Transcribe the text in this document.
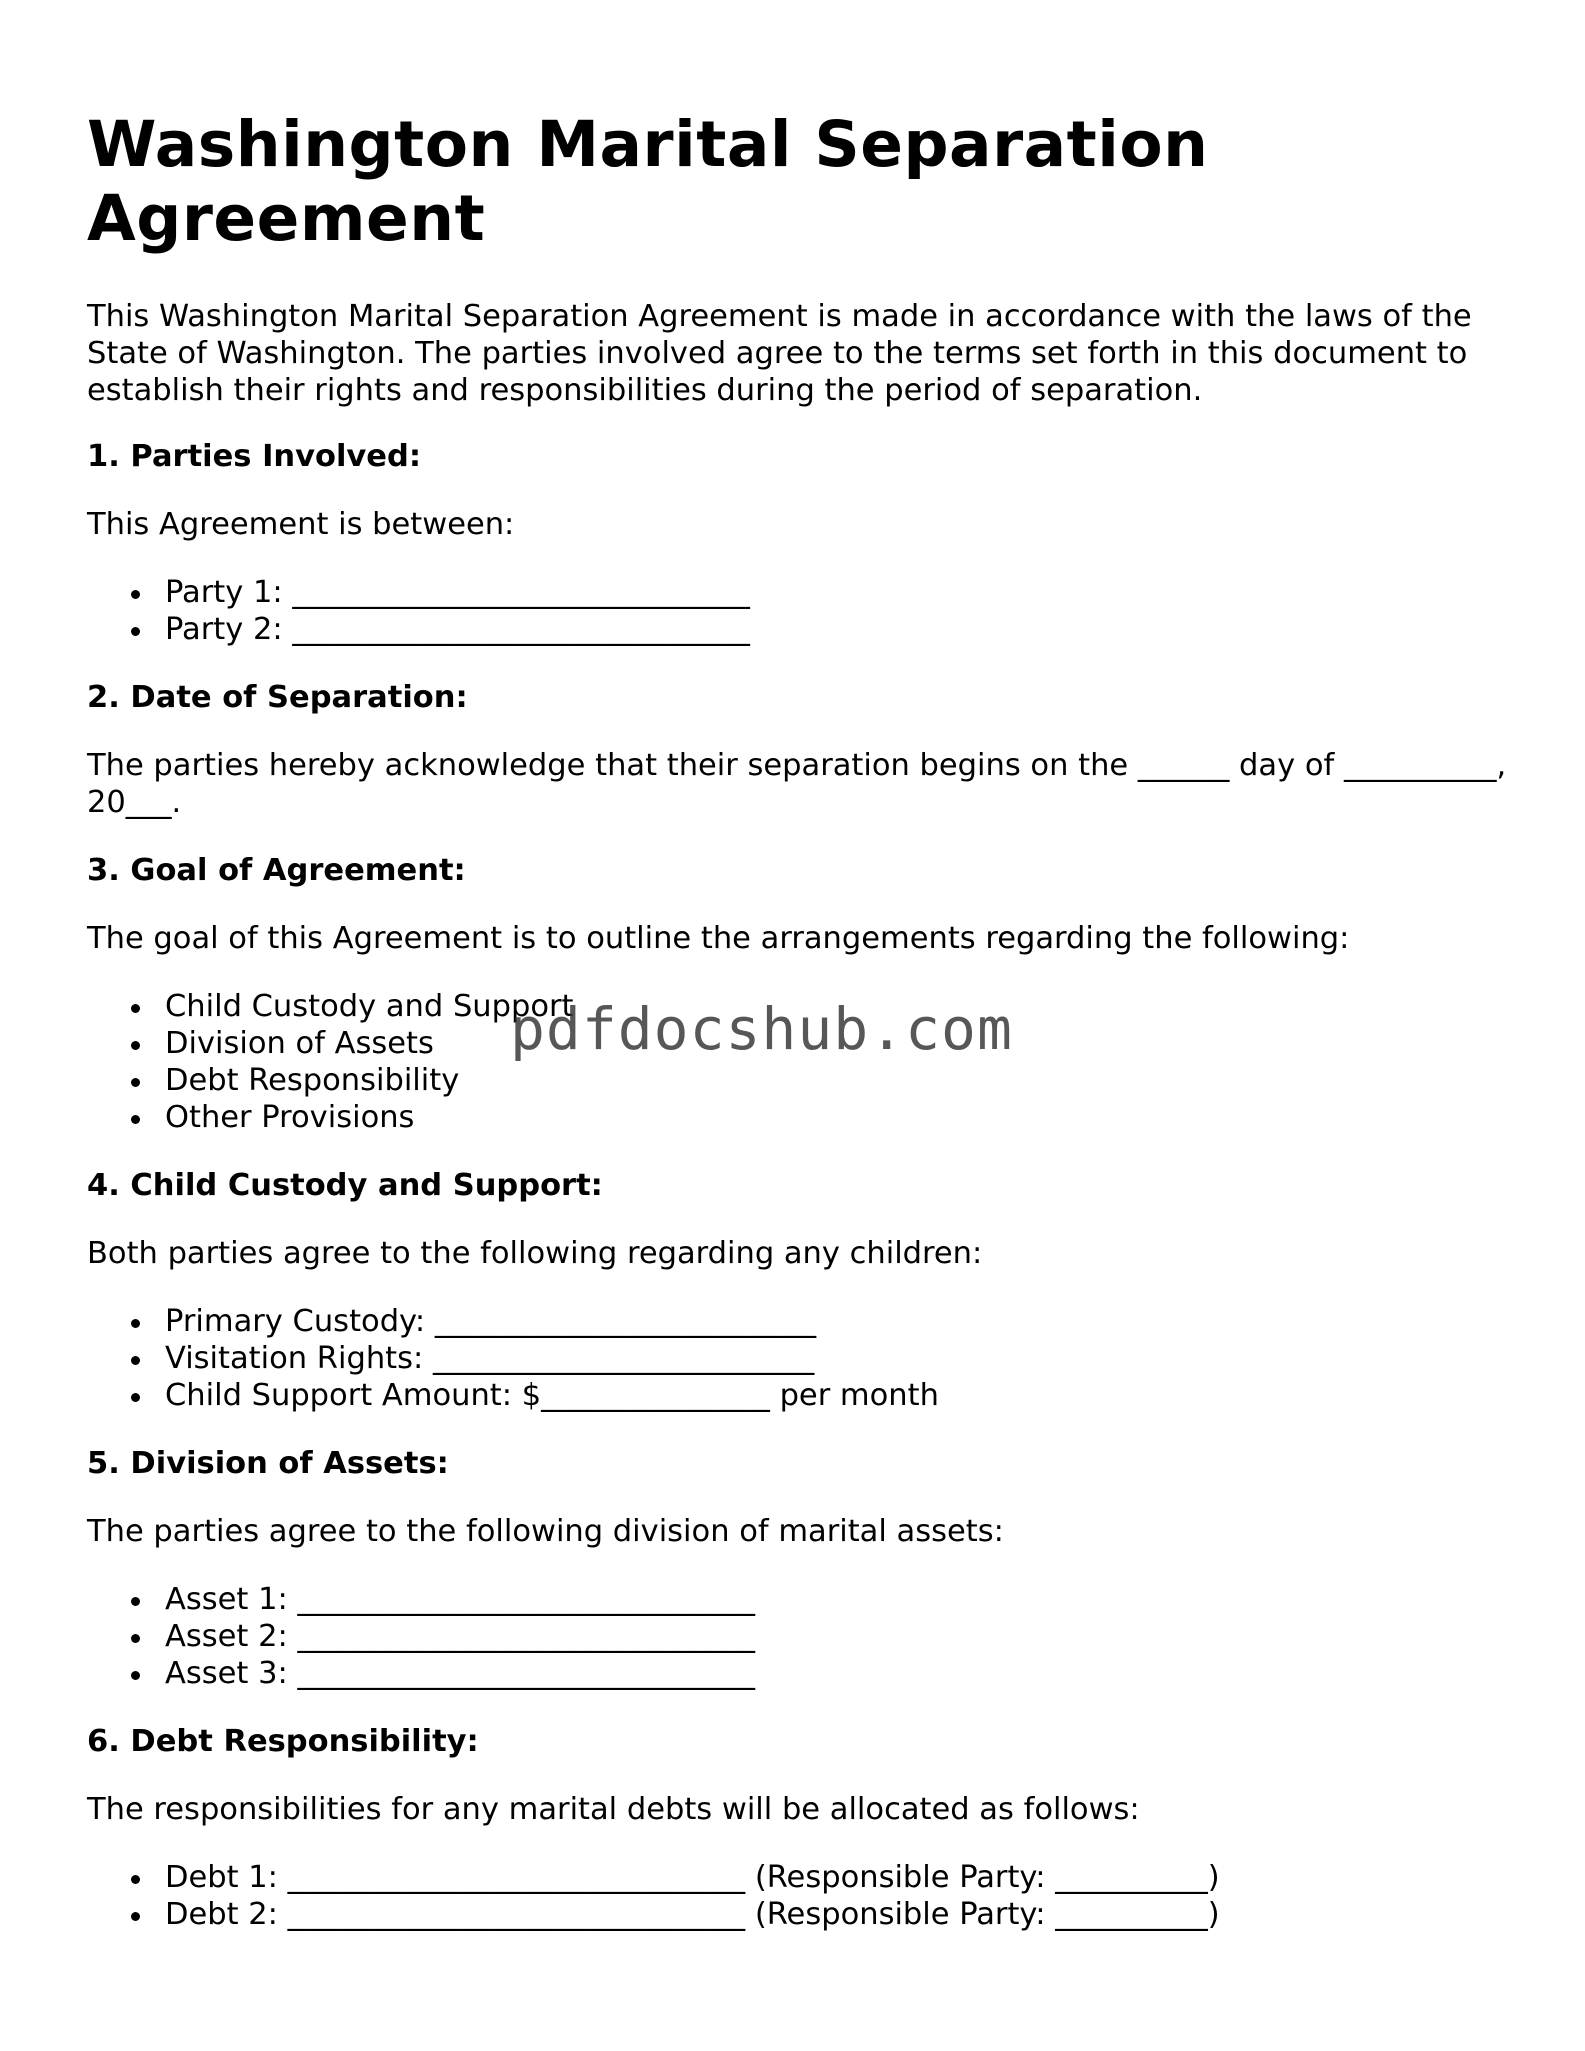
Washington Marital Separation Agreement

This Washington Marital Separation Agreement is made in accordance with the laws of the State of Washington. The parties involved agree to the terms set forth in this document to establish their rights and responsibilities during the period of separation.

1. Parties Involved:

This Agreement is between:

Party 1: ______________________________
Party 2: ______________________________
2. Date of Separation:

The parties hereby acknowledge that their separation begins on the ______ day of __________, 20___.

3. Goal of Agreement:

The goal of this Agreement is to outline the arrangements regarding the following:

Child Custody and Support
Division of Assets
Debt Responsibility
Other Provisions
4. Child Custody and Support:

Both parties agree to the following regarding any children:

Primary Custody: _________________________
Visitation Rights: _________________________
Child Support Amount: $_______________ per month
5. Division of Assets:

The parties agree to the following division of marital assets:

Asset 1: ______________________________
Asset 2: ______________________________
Asset 3: ______________________________
6. Debt Responsibility:

The responsibilities for any marital debts will be allocated as follows:

Debt 1: ______________________________ (Responsible Party: __________)
Debt 2: ______________________________ (Responsible Party: __________)
pdfdocshub.com
